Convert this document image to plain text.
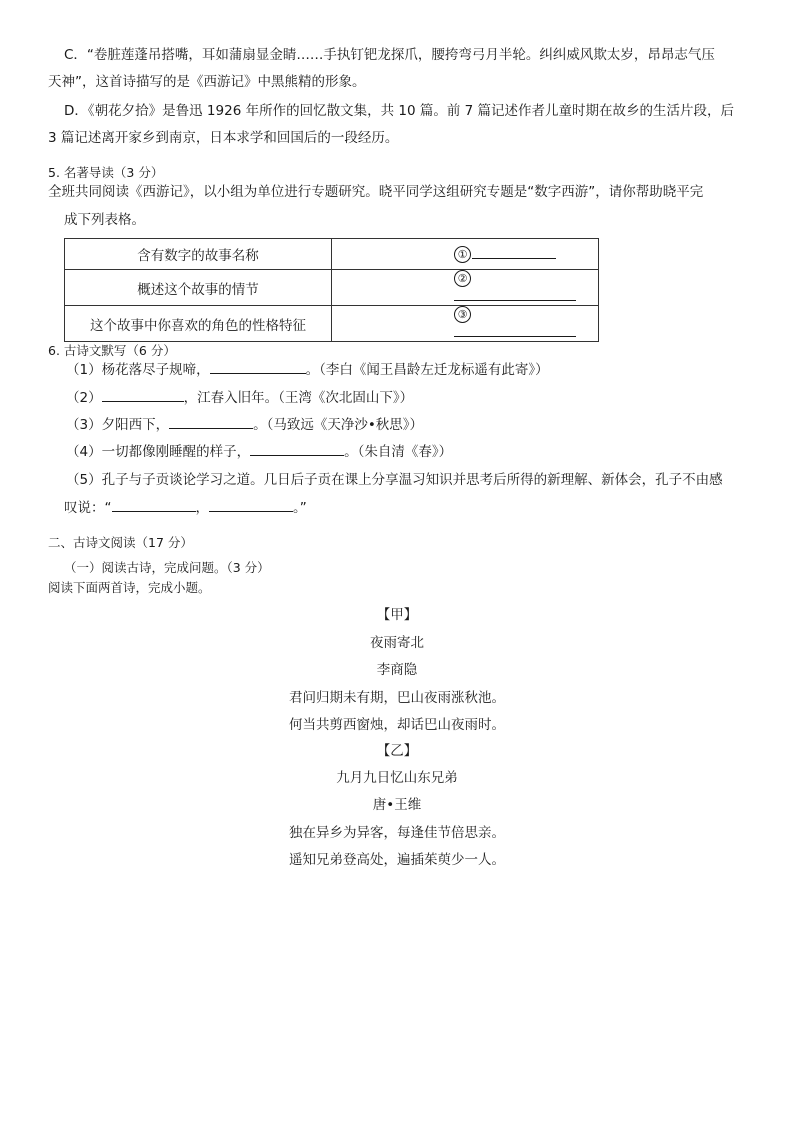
C．“卷脏莲蓬吊搭嘴，耳如蒲扇显金睛……手执钉钯龙探爪，腰挎弯弓月半轮。纠纠威风欺太岁，昂昂志气压
天神”，这首诗描写的是《西游记》中黑熊精的形象。
D．《朝花夕拾》是鲁迅 1926 年所作的回忆散文集，共 10 篇。前 7 篇记述作者儿童时期在故乡的生活片段，后
3 篇记述离开家乡到南京，日本求学和回国后的一段经历。
5. 名著导读（3 分）
全班共同阅读《西游记》，以小组为单位进行专题研究。晓平同学这组研究专题是“数字西游”，请你帮助晓平完
成下列表格。
含有数字的故事名称	①
概述这个故事的情节	②
这个故事中你喜欢的角色的性格特征	③
6. 古诗文默写（6 分）
（1）杨花落尽子规啼，	。（李白《闻王昌龄左迁龙标遥有此寄》）
（2）	，江春入旧年。（王湾《次北固山下》）
（3）夕阳西下，	。（马致远《天净沙•秋思》）
（4）一切都像刚睡醒的样子，	。（朱自清《春》）
（5）孔子与子贡谈论学习之道。几日后子贡在课上分享温习知识并思考后所得的新理解、新体会，孔子不由感
叹说：“	，	。”
二、古诗文阅读（17 分）
（一）阅读古诗，完成问题。（3 分）
阅读下面两首诗，完成小题。
【甲】
夜雨寄北
李商隐
君问归期未有期，巴山夜雨涨秋池。
何当共剪西窗烛，却话巴山夜雨时。
【乙】
九月九日忆山东兄弟
唐•王维
独在异乡为异客，每逢佳节倍思亲。
遥知兄弟登高处，遍插茱萸少一人。
